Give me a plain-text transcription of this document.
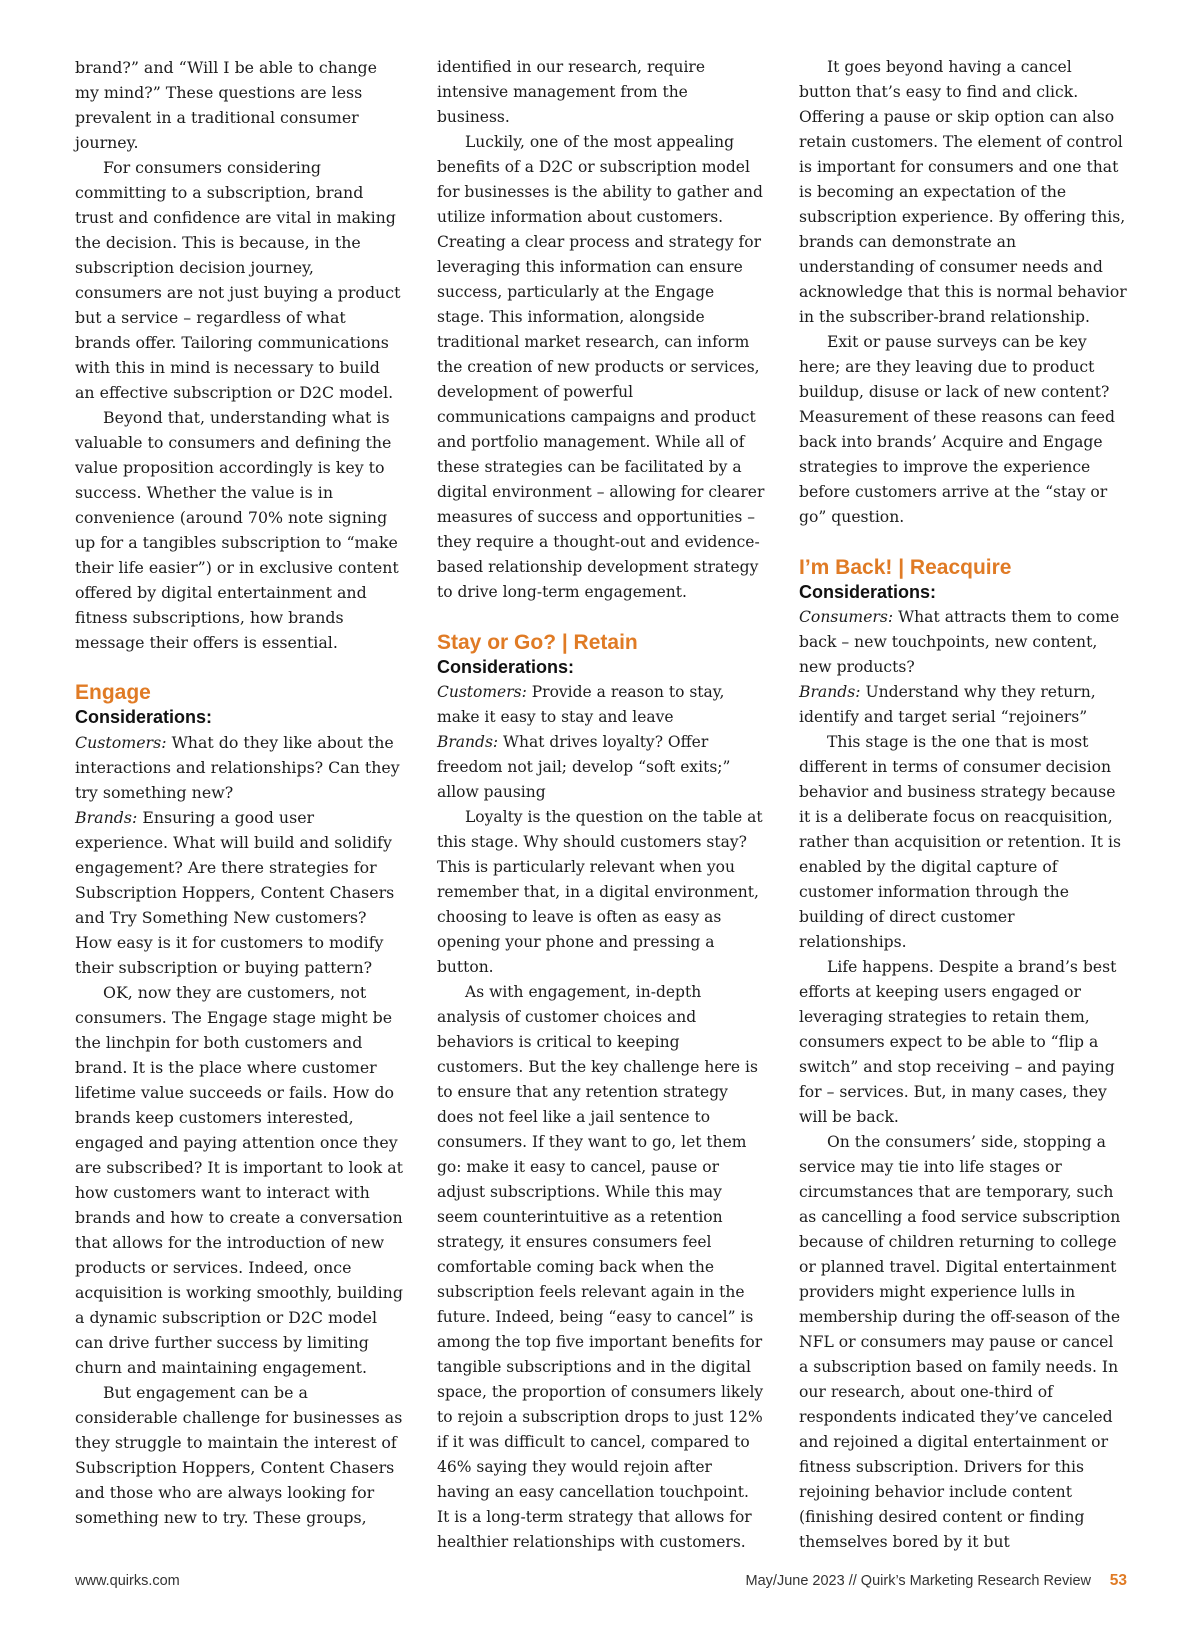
brand?” and “Will I be able to change my mind?” These questions are less prevalent in a traditional consumer journey.

For consumers considering committing to a subscription, brand trust and confidence are vital in making the decision. This is because, in the subscription decision journey, consumers are not just buying a product but a service – regardless of what brands offer. Tailoring communications with this in mind is necessary to build an effective subscription or D2C model.

Beyond that, understanding what is valuable to consumers and defining the value proposition accordingly is key to success. Whether the value is in convenience (around 70% note signing up for a tangibles subscription to “make their life easier”) or in exclusive content offered by digital entertainment and fitness subscriptions, how brands message their offers is essential.

Engage
Considerations:

Customers: What do they like about the interactions and relationships? Can they try something new?

Brands: Ensuring a good user experience. What will build and solidify engagement? Are there strategies for Subscription Hoppers, Content Chasers and Try Something New customers? How easy is it for customers to modify their subscription or buying pattern?

OK, now they are customers, not consumers. The Engage stage might be the linchpin for both customers and brand. It is the place where customer lifetime value succeeds or fails. How do brands keep customers interested, engaged and paying attention once they are subscribed? It is important to look at how customers want to interact with brands and how to create a conversation that allows for the introduction of new products or services. Indeed, once acquisition is working smoothly, building a dynamic subscription or D2C model can drive further success by limiting churn and maintaining engagement.

But engagement can be a considerable challenge for businesses as they struggle to maintain the interest of Subscription Hoppers, Content Chasers and those who are always looking for something new to try. These groups,

identified in our research, require intensive management from the business.

Luckily, one of the most appealing benefits of a D2C or subscription model for businesses is the ability to gather and utilize information about customers. Creating a clear process and strategy for leveraging this information can ensure success, particularly at the Engage stage. This information, alongside traditional market research, can inform the creation of new products or services, development of powerful communications campaigns and product and portfolio management. While all of these strategies can be facilitated by a digital environment – allowing for clearer measures of success and opportunities – they require a thought-out and evidence-based relationship development strategy to drive long-term engagement.

Stay or Go? | Retain
Considerations:

Customers: Provide a reason to stay, make it easy to stay and leave

Brands: What drives loyalty? Offer freedom not jail; develop “soft exits;” allow pausing

Loyalty is the question on the table at this stage. Why should customers stay? This is particularly relevant when you remember that, in a digital environment, choosing to leave is often as easy as opening your phone and pressing a button.

As with engagement, in-depth analysis of customer choices and behaviors is critical to keeping customers. But the key challenge here is to ensure that any retention strategy does not feel like a jail sentence to consumers. If they want to go, let them go: make it easy to cancel, pause or adjust subscriptions. While this may seem counterintuitive as a retention strategy, it ensures consumers feel comfortable coming back when the subscription feels relevant again in the future. Indeed, being “easy to cancel” is among the top five important benefits for tangible subscriptions and in the digital space, the proportion of consumers likely to rejoin a subscription drops to just 12% if it was difficult to cancel, compared to 46% saying they would rejoin after having an easy cancellation touchpoint. It is a long-term strategy that allows for healthier relationships with customers.

It goes beyond having a cancel button that’s easy to find and click. Offering a pause or skip option can also retain customers. The element of control is important for consumers and one that is becoming an expectation of the subscription experience. By offering this, brands can demonstrate an understanding of consumer needs and acknowledge that this is normal behavior in the subscriber-brand relationship.

Exit or pause surveys can be key here; are they leaving due to product buildup, disuse or lack of new content? Measurement of these reasons can feed back into brands’ Acquire and Engage strategies to improve the experience before customers arrive at the “stay or go” question.

I’m Back! | Reacquire
Considerations:

Consumers: What attracts them to come back – new touchpoints, new content, new products?

Brands: Understand why they return, identify and target serial “rejoiners”

This stage is the one that is most different in terms of consumer decision behavior and business strategy because it is a deliberate focus on reacquisition, rather than acquisition or retention. It is enabled by the digital capture of customer information through the building of direct customer relationships.

Life happens. Despite a brand’s best efforts at keeping users engaged or leveraging strategies to retain them, consumers expect to be able to “flip a switch” and stop receiving – and paying for – services. But, in many cases, they will be back.

On the consumers’ side, stopping a service may tie into life stages or circumstances that are temporary, such as cancelling a food service subscription because of children returning to college or planned travel. Digital entertainment providers might experience lulls in membership during the off-season of the NFL or consumers may pause or cancel a subscription based on family needs. In our research, about one-third of respondents indicated they’ve canceled and rejoined a digital entertainment or fitness subscription. Drivers for this rejoining behavior include content (finishing desired content or finding themselves bored by it but

www.quirks.com	May/June 2023 // Quirk’s Marketing Research Review 53
